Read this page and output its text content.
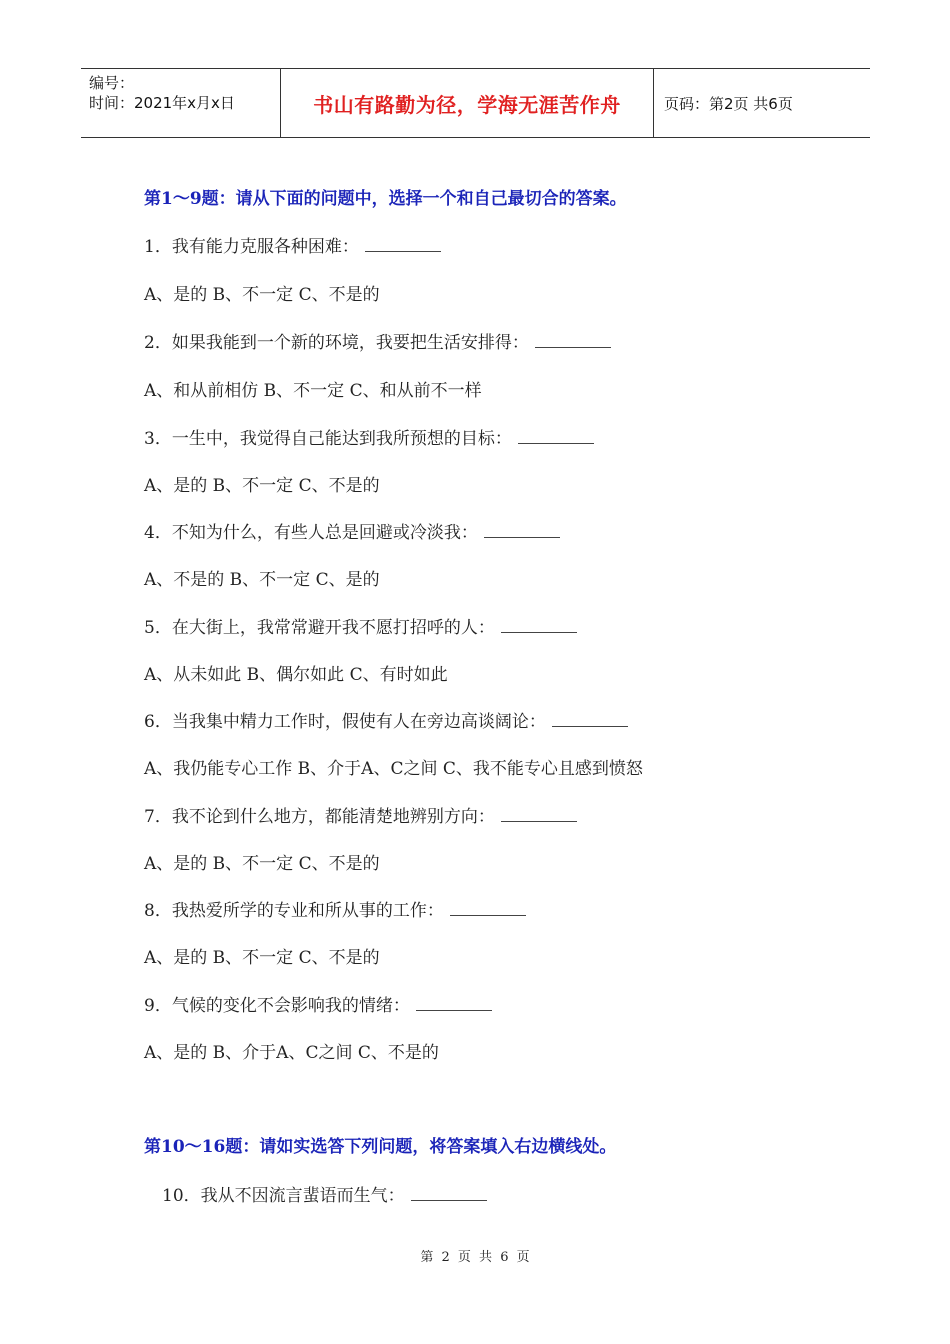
编号：
时间：2021年x月x日	书山有路勤为径，学海无涯苦作舟	页码：第2页 共6页
第1～9题：请从下面的问题中，选择一个和自己最切合的答案。
1．我有能力克服各种困难：
A、是的 B、不一定 C、不是的
2．如果我能到一个新的环境，我要把生活安排得：
A、和从前相仿 B、不一定 C、和从前不一样
3．一生中，我觉得自己能达到我所预想的目标：
A、是的 B、不一定 C、不是的
4．不知为什么，有些人总是回避或冷淡我：
A、不是的 B、不一定 C、是的
5．在大街上，我常常避开我不愿打招呼的人：
A、从未如此 B、偶尔如此 C、有时如此
6．当我集中精力工作时，假使有人在旁边高谈阔论：
A、我仍能专心工作 B、介于A、C之间 C、我不能专心且感到愤怒
7．我不论到什么地方，都能清楚地辨别方向：
A、是的 B、不一定 C、不是的
8．我热爱所学的专业和所从事的工作：
A、是的 B、不一定 C、不是的
9．气候的变化不会影响我的情绪：
A、是的 B、介于A、C之间 C、不是的
第10～16题：请如实选答下列问题，将答案填入右边横线处。
10．我从不因流言蜚语而生气：
第 2 页 共 6 页
